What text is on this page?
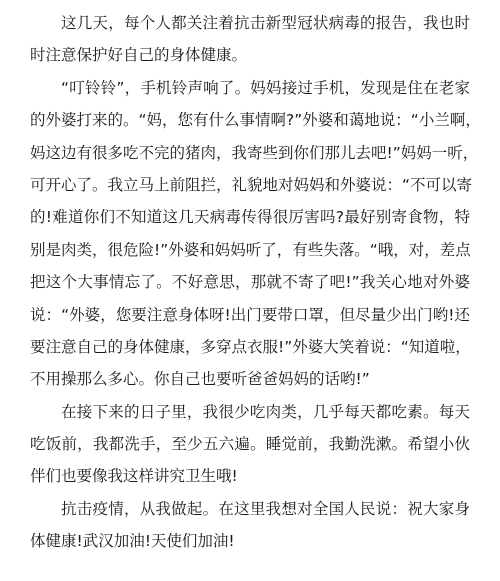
这几天，每个人都关注着抗击新型冠状病毒的报告，我也时
时注意保护好自己的身体健康。
“叮铃铃”，手机铃声响了。妈妈接过手机，发现是住在老家
的外婆打来的。“妈，您有什么事情啊?”外婆和蔼地说：“小兰啊，
妈这边有很多吃不完的猪肉，我寄些到你们那儿去吧!”妈妈一听，
可开心了。我立马上前阻拦，礼貌地对妈妈和外婆说：“不可以寄
的!难道你们不知道这几天病毒传得很厉害吗?最好别寄食物，特
别是肉类，很危险!”外婆和妈妈听了，有些失落。“哦，对，差点
把这个大事情忘了。不好意思，那就不寄了吧!”我关心地对外婆
说：“外婆，您要注意身体呀!出门要带口罩，但尽量少出门哟!还
要注意自己的身体健康，多穿点衣服!”外婆大笑着说：“知道啦，
不用操那么多心。你自己也要听爸爸妈妈的话哟!”
在接下来的日子里，我很少吃肉类，几乎每天都吃素。每天
吃饭前，我都洗手，至少五六遍。睡觉前，我勤洗漱。希望小伙
伴们也要像我这样讲究卫生哦!
抗击疫情，从我做起。在这里我想对全国人民说：祝大家身
体健康!武汉加油!天使们加油!
